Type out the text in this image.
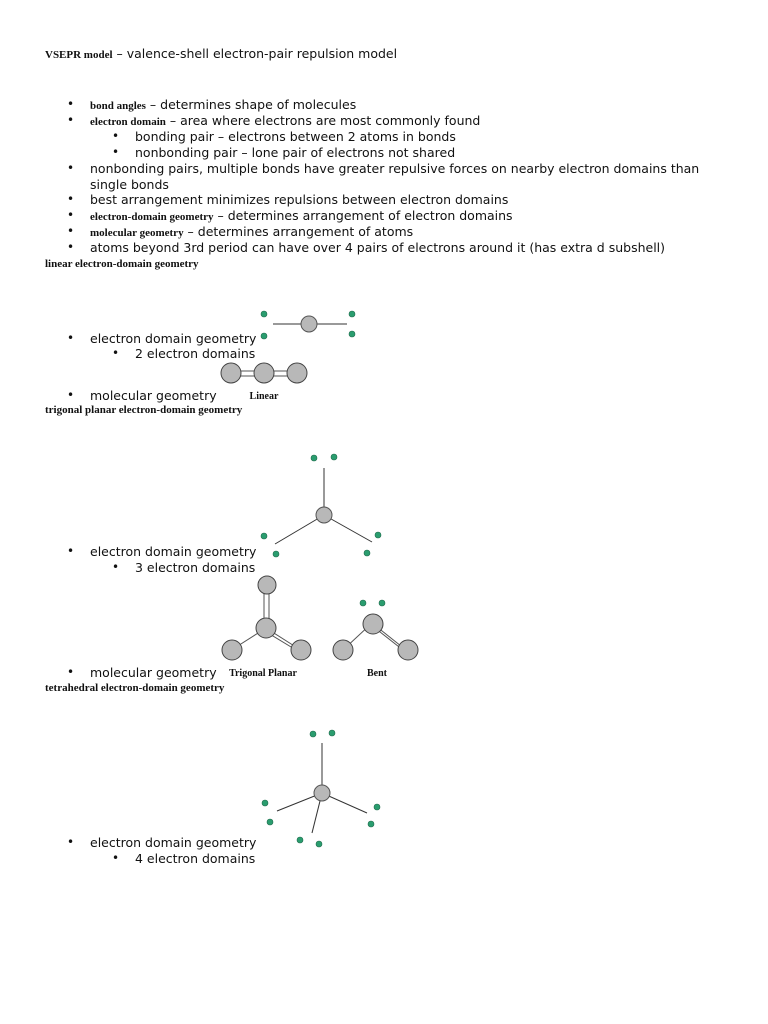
VSEPR model – valence-shell electron-pair repulsion model
• bond angles – determines shape of molecules
• electron domain – area where electrons are most commonly found
• bonding pair – electrons between 2 atoms in bonds
• nonbonding pair – lone pair of electrons not shared
• nonbonding pairs, multiple bonds have greater repulsive forces on nearby electron domains than single bonds
• best arrangement minimizes repulsions between electron domains
• electron-domain geometry – determines arrangement of electron domains
• molecular geometry – determines arrangement of atoms
• atoms beyond 3rd period can have over 4 pairs of electrons around it (has extra d subshell)
linear electron-domain geometry
• electron domain geometry
• 2 electron domains
Linear
• molecular geometry
trigonal planar electron-domain geometry
• electron domain geometry
• 3 electron domains
Trigonal Planar	Bent
• molecular geometry
tetrahedral electron-domain geometry
• electron domain geometry
• 4 electron domains
